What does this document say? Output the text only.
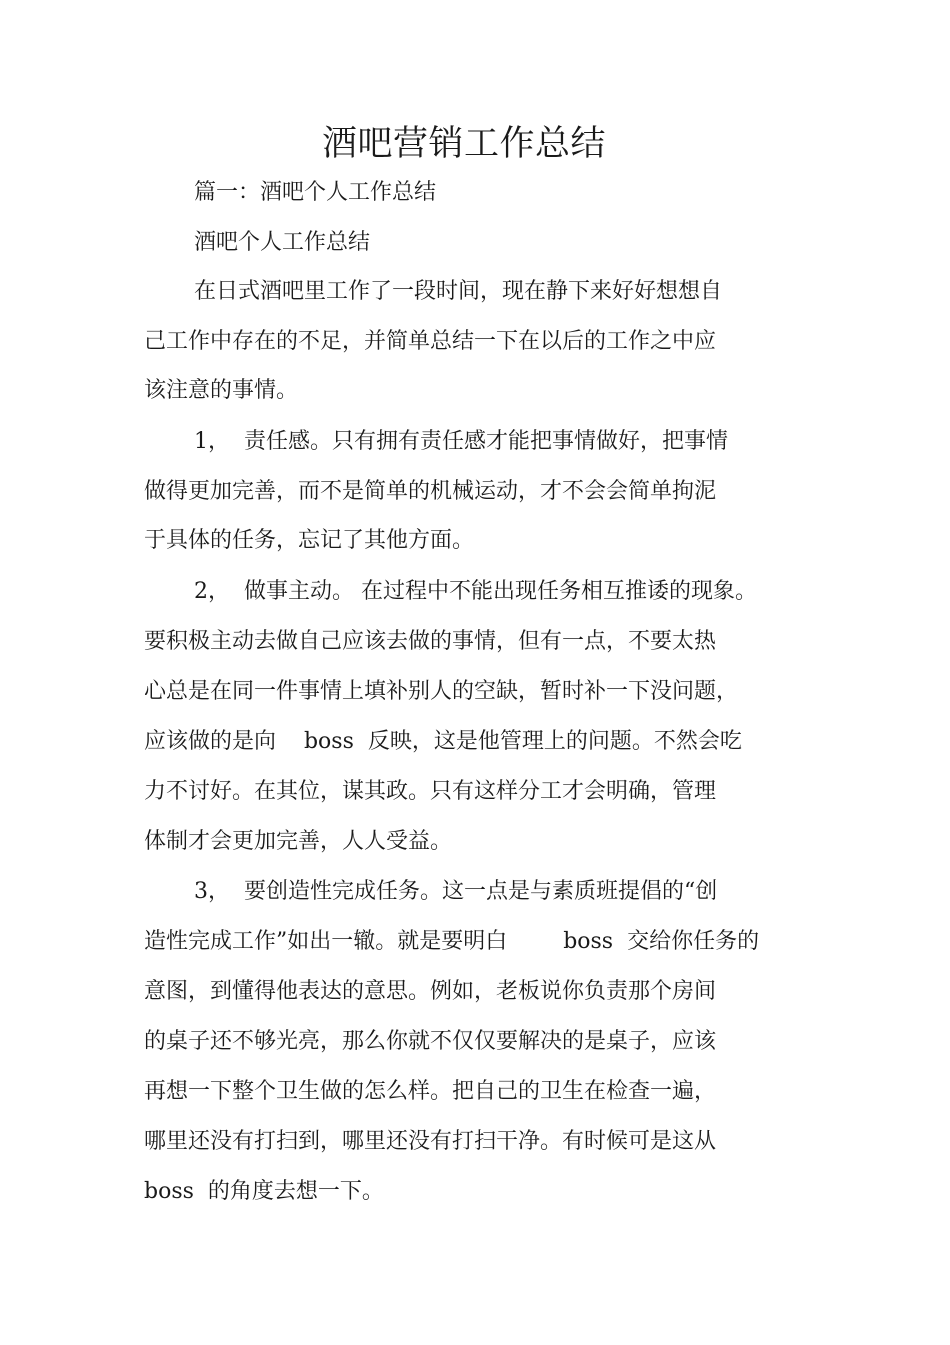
酒吧营销工作总结
篇一：酒吧个人工作总结
酒吧个人工作总结
在日式酒吧里工作了一段时间，现在静下来好好想想自
己工作中存在的不足，并简单总结一下在以后的工作之中应
该注意的事情。
1，  责任感。只有拥有责任感才能把事情做好，把事情
做得更加完善，而不是简单的机械运动，才不会会简单拘泥
于具体的任务，忘记了其他方面。
2，  做事主动。 在过程中不能出现任务相互推诿的现象。
要积极主动去做自己应该去做的事情，但有一点，不要太热
心总是在同一件事情上填补别人的空缺，暂时补一下没问题，
应该做的是向    boss  反映，这是他管理上的问题。不然会吃
力不讨好。在其位，谋其政。只有这样分工才会明确，管理
体制才会更加完善，人人受益。
3，  要创造性完成任务。这一点是与素质班提倡的“创
造性完成工作”如出一辙。就是要明白        boss  交给你任务的
意图，到懂得他表达的意思。例如，老板说你负责那个房间
的桌子还不够光亮，那么你就不仅仅要解决的是桌子，应该
再想一下整个卫生做的怎么样。把自己的卫生在检查一遍，
哪里还没有打扫到，哪里还没有打扫干净。有时候可是这从
boss  的角度去想一下。
